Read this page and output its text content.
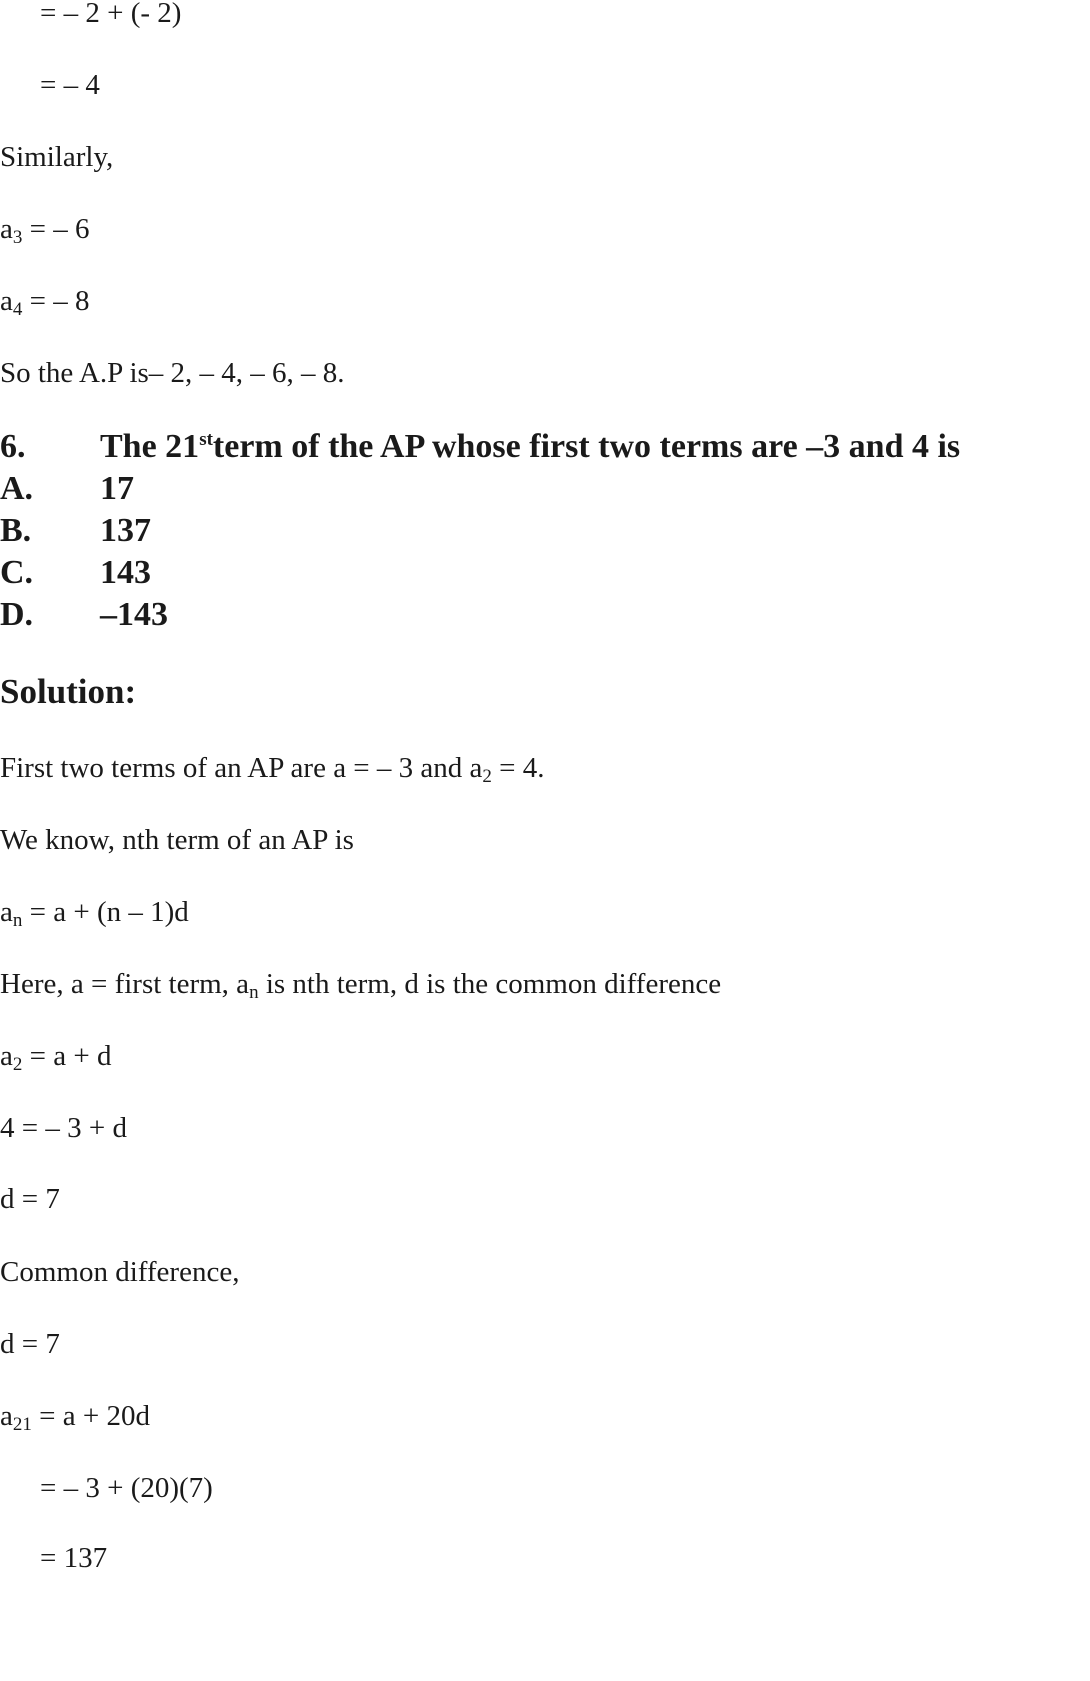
= – 2 + (- 2)
= – 4
Similarly,
$a_3$ = – 6
$a_4$ = – 8
So the A.P is– 2, – 4, – 6, – 8.
6. The 21stterm of the AP whose first two terms are –3 and 4 is
A. 17
B. 137
C. 143
D. –143
Solution:
First two terms of an AP are a = – 3 and $a_2 = 4$.
We know, nth term of an AP is
$a_n = a + (n - 1)d$
Here, a = first term, $a_n$ is nth term, d is the common difference
$a_2 = a + d$
4 = – 3 + d
d = 7
Common difference,
d = 7
$a_{21} = a + 20d$
= – 3 + (20)(7)
= 137
